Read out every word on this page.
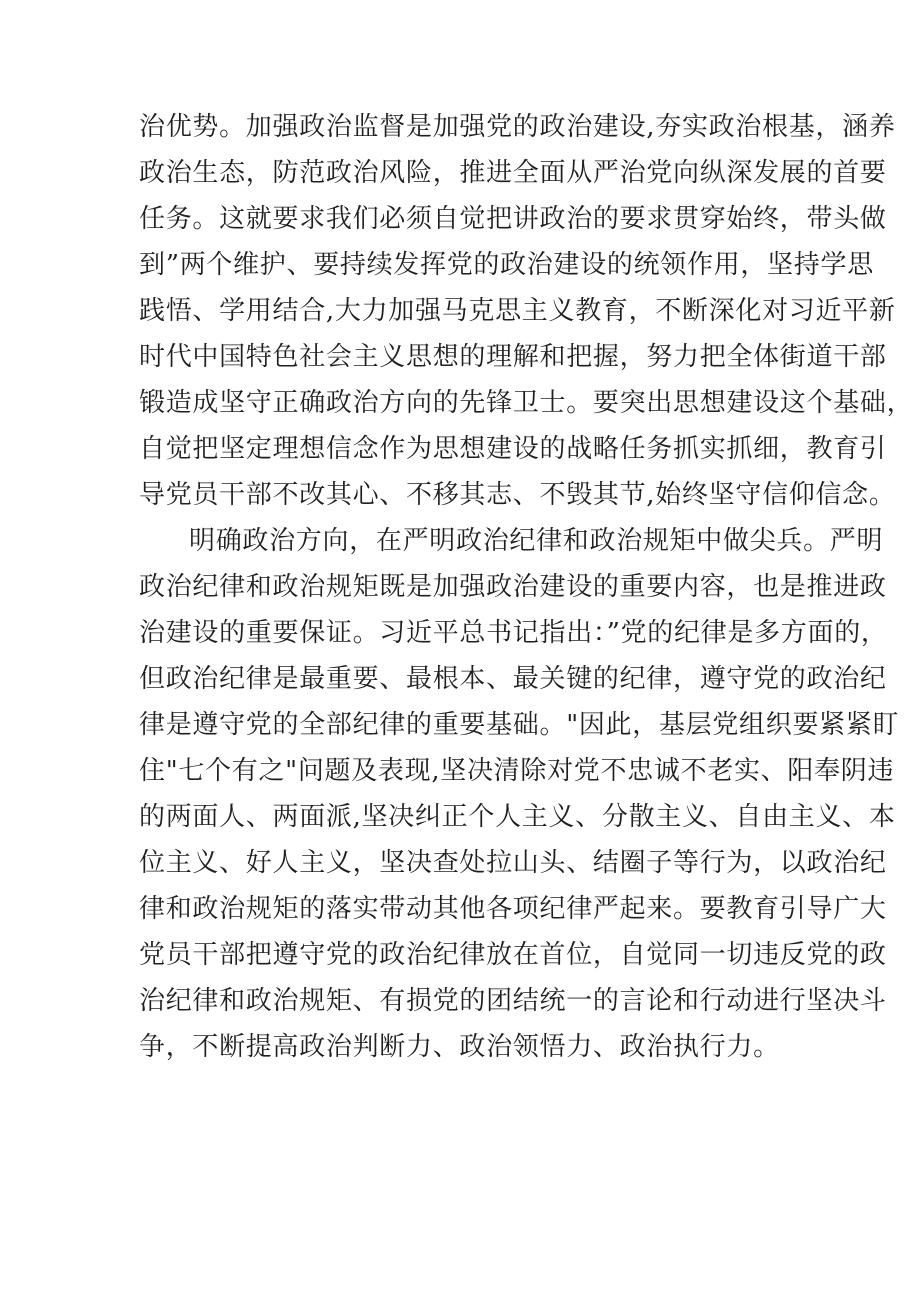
治优势。加强政治监督是加强党的政治建设,夯实政治根基，涵养
政治生态，防范政治风险，推进全面从严治党向纵深发展的首要
任务。这就要求我们必须自觉把讲政治的要求贯穿始终，带头做
到”两个维护、要持续发挥党的政治建设的统领作用，坚持学思
践悟、学用结合,大力加强马克思主义教育，不断深化对习近平新
时代中国特色社会主义思想的理解和把握，努力把全体街道干部
锻造成坚守正确政治方向的先锋卫士。要突出思想建设这个基础，
自觉把坚定理想信念作为思想建设的战略任务抓实抓细，教育引
导党员干部不改其心、不移其志、不毁其节,始终坚守信仰信念。
明确政治方向，在严明政治纪律和政治规矩中做尖兵。严明
政治纪律和政治规矩既是加强政治建设的重要内容，也是推进政
治建设的重要保证。习近平总书记指出：”党的纪律是多方面的，
但政治纪律是最重要、最根本、最关键的纪律，遵守党的政治纪
律是遵守党的全部纪律的重要基础。"因此，基层党组织要紧紧盯
住"七个有之"问题及表现,坚决清除对党不忠诚不老实、阳奉阴违
的两面人、两面派,坚决纠正个人主义、分散主义、自由主义、本
位主义、好人主义，坚决查处拉山头、结圈子等行为，以政治纪
律和政治规矩的落实带动其他各项纪律严起来。要教育引导广大
党员干部把遵守党的政治纪律放在首位，自觉同一切违反党的政
治纪律和政治规矩、有损党的团结统一的言论和行动进行坚决斗
争，不断提高政治判断力、政治领悟力、政治执行力。
